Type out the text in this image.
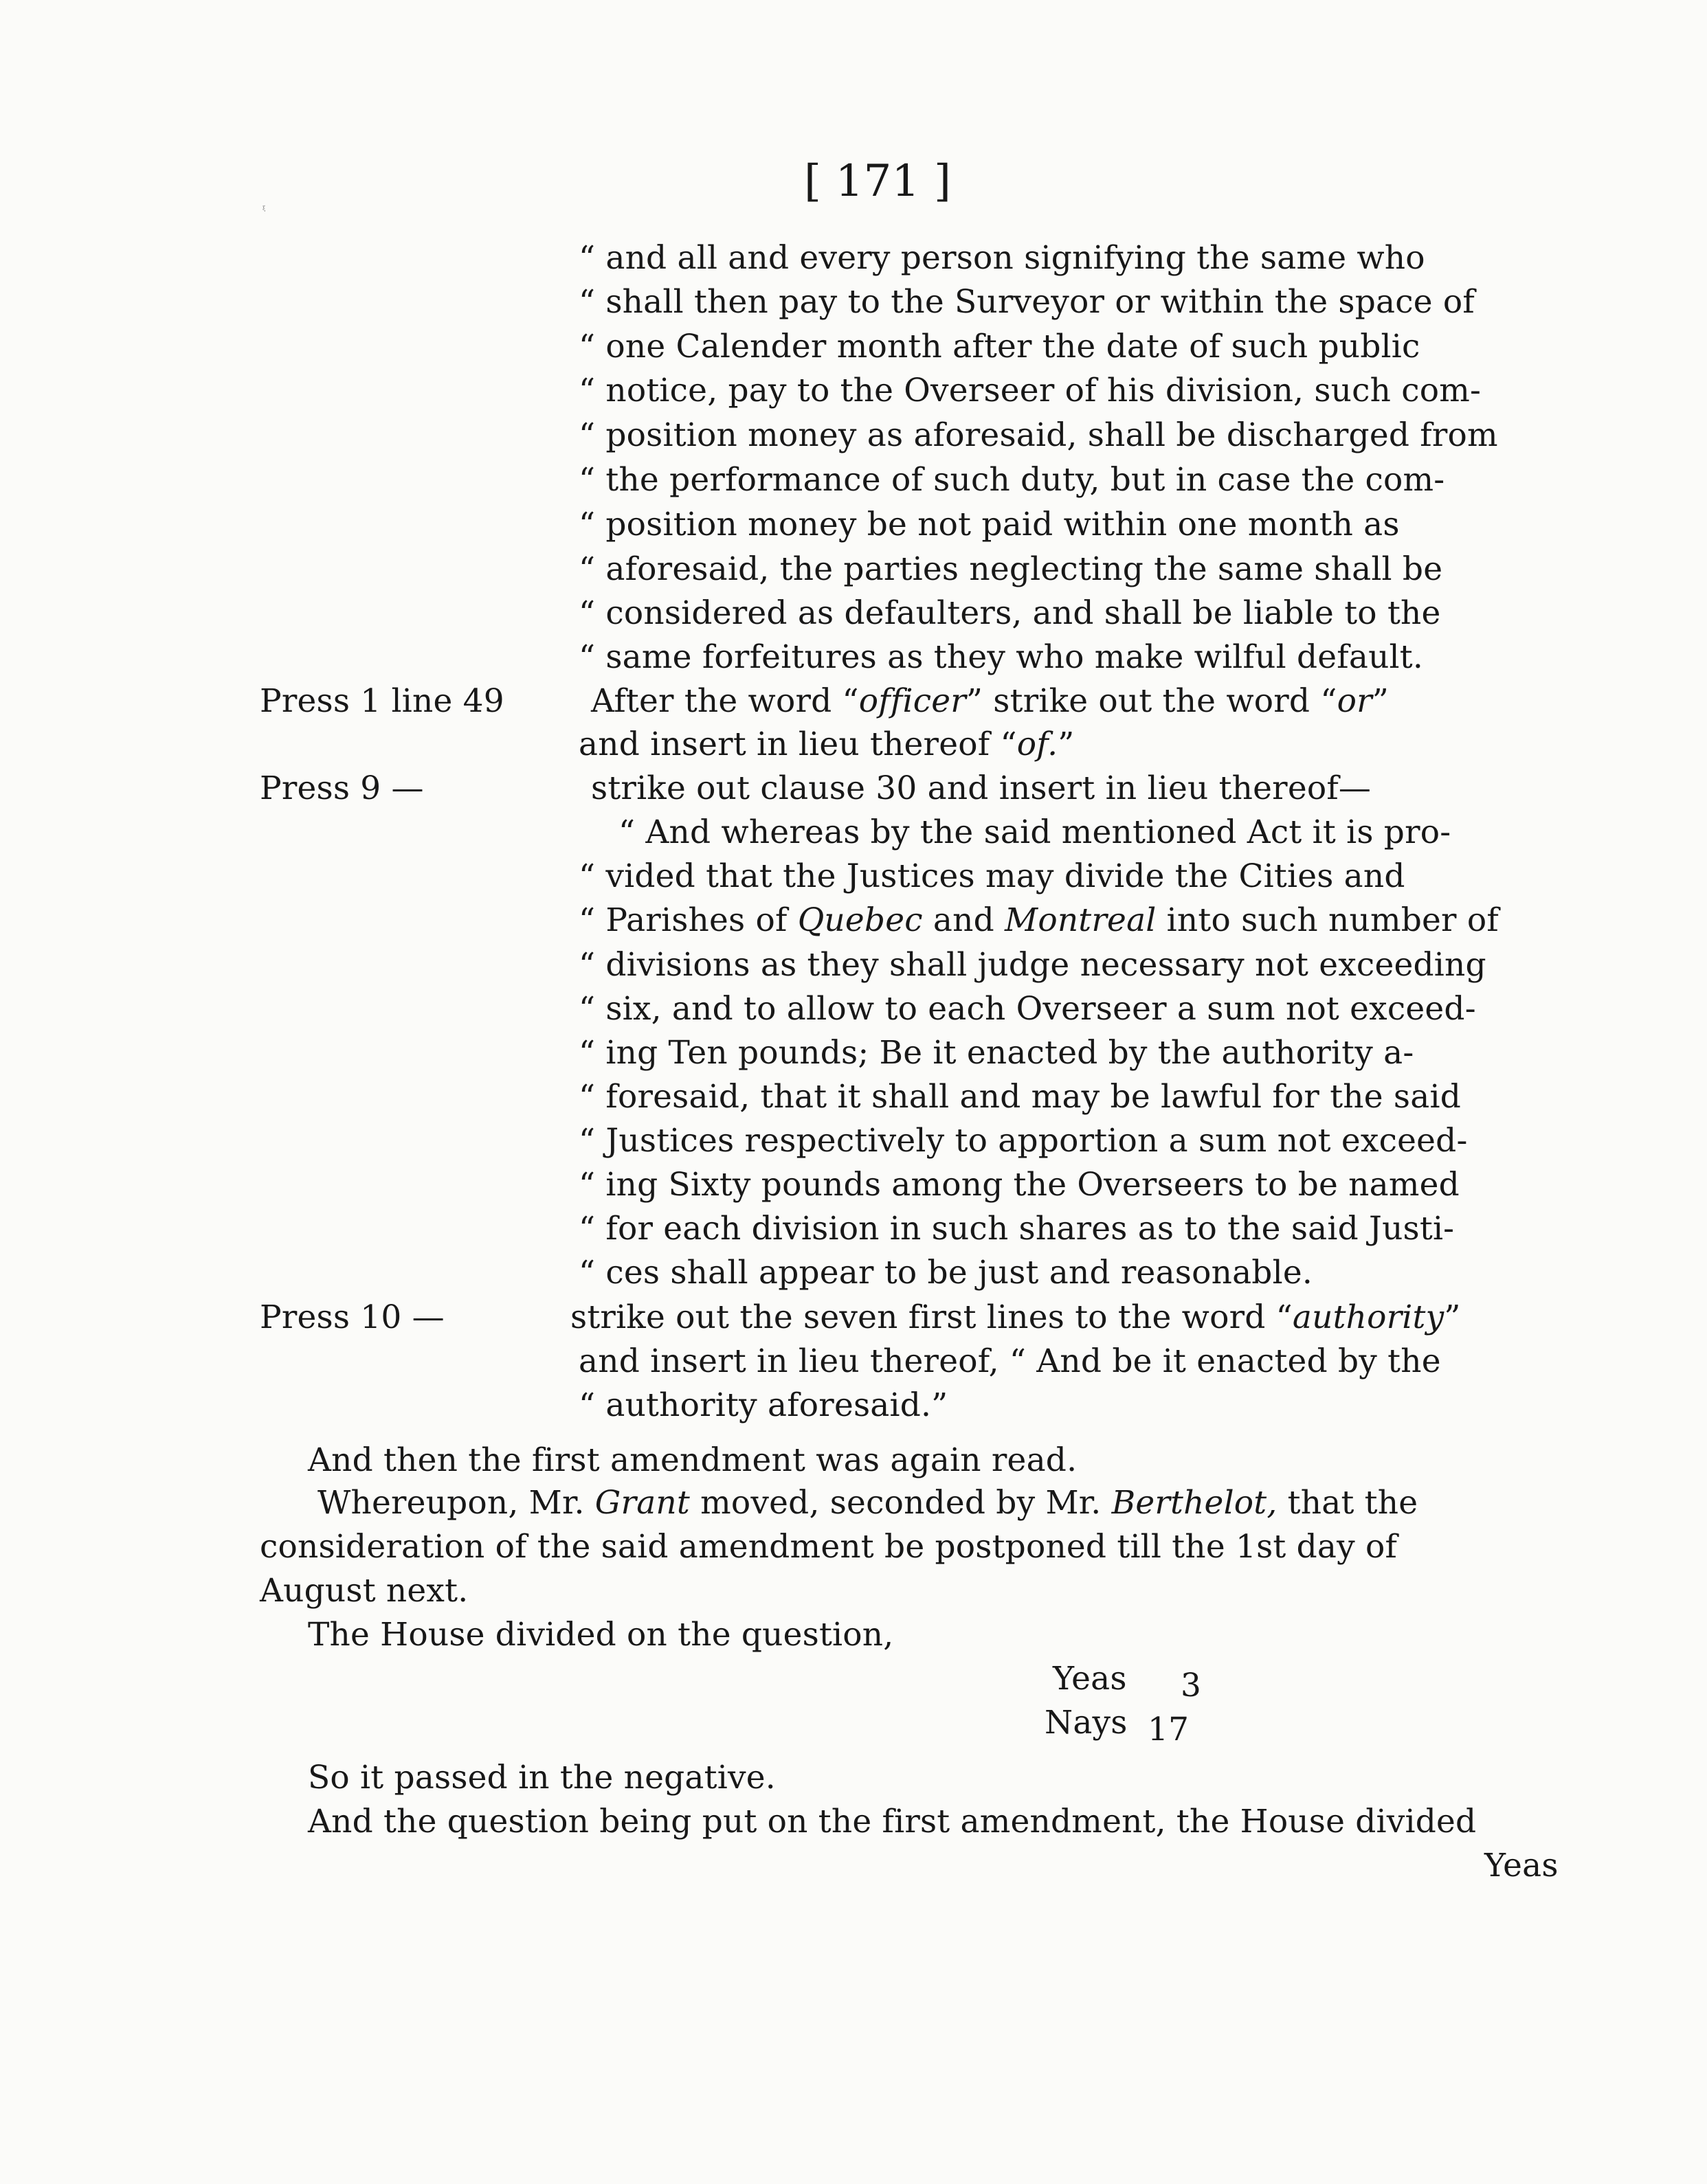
[ 171 ]
ξ
“ and all and every person signifying the same who
“ shall then pay to the Surveyor or within the space of
“ one Calender month after the date of such public
“ notice, pay to the Overseer of his division, such com-
“ position money as aforesaid, shall be discharged from
“ the performance of such duty, but in case the com-
“ position money be not paid within one month as
“ aforesaid, the parties neglecting the same shall be
“ considered as defaulters, and shall be liable to the
“ same forfeitures as they who make wilful default.
Press 1 line 49	After the word “officer” strike out the word “or”
and insert in lieu thereof “of.”
Press 9 —	strike out clause 30 and insert in lieu thereof—
“ And whereas by the said mentioned Act it is pro-
“ vided that the Justices may divide the Cities and
“ Parishes of Quebec and Montreal into such number of
“ divisions as they shall judge necessary not exceeding
“ six, and to allow to each Overseer a sum not exceed-
“ ing Ten pounds; Be it enacted by the authority a-
“ foresaid, that it shall and may be lawful for the said
“ Justices respectively to apportion a sum not exceed-
“ ing Sixty pounds among the Overseers to be named
“ for each division in such shares as to the said Justi-
“ ces shall appear to be just and reasonable.
Press 10 —	strike out the seven first lines to the word “authority”
and insert in lieu thereof, “ And be it enacted by the
“ authority aforesaid.”
And then the first amendment was again read.
Whereupon, Mr. Grant moved, seconded by Mr. Berthelot, that the
consideration of the said amendment be postponed till the 1st day of
August next.
The House divided on the question,
Yeas 3
Nays 17
So it passed in the negative.
And the question being put on the first amendment, the House divided
Yeas
